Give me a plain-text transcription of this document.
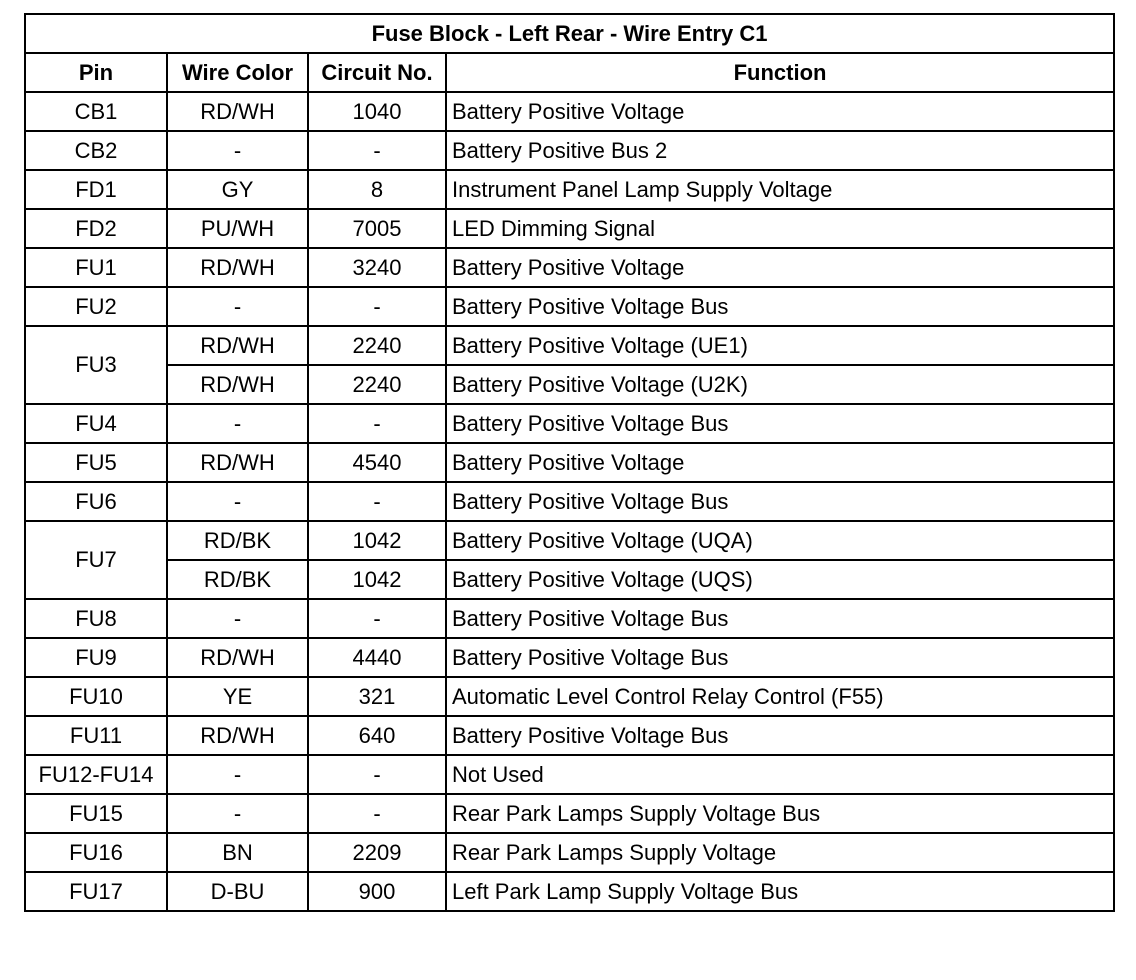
Fuse Block - Left Rear - Wire Entry C1			
Pin	Wire Color	Circuit No.	Function
CB1	RD/WH	1040	Battery Positive Voltage
CB2	-	-	Battery Positive Bus 2
FD1	GY	8	Instrument Panel Lamp Supply Voltage
FD2	PU/WH	7005	LED Dimming Signal
FU1	RD/WH	3240	Battery Positive Voltage
FU2	-	-	Battery Positive Voltage Bus
FU3	RD/WH	2240	Battery Positive Voltage (UE1)
	RD/WH	2240	Battery Positive Voltage (U2K)
FU4	-	-	Battery Positive Voltage Bus
FU5	RD/WH	4540	Battery Positive Voltage
FU6	-	-	Battery Positive Voltage Bus
FU7	RD/BK	1042	Battery Positive Voltage (UQA)
	RD/BK	1042	Battery Positive Voltage (UQS)
FU8	-	-	Battery Positive Voltage Bus
FU9	RD/WH	4440	Battery Positive Voltage Bus
FU10	YE	321	Automatic Level Control Relay Control (F55)
FU11	RD/WH	640	Battery Positive Voltage Bus
FU12-FU14	-	-	Not Used
FU15	-	-	Rear Park Lamps Supply Voltage Bus
FU16	BN	2209	Rear Park Lamps Supply Voltage
FU17	D-BU	900	Left Park Lamp Supply Voltage Bus
